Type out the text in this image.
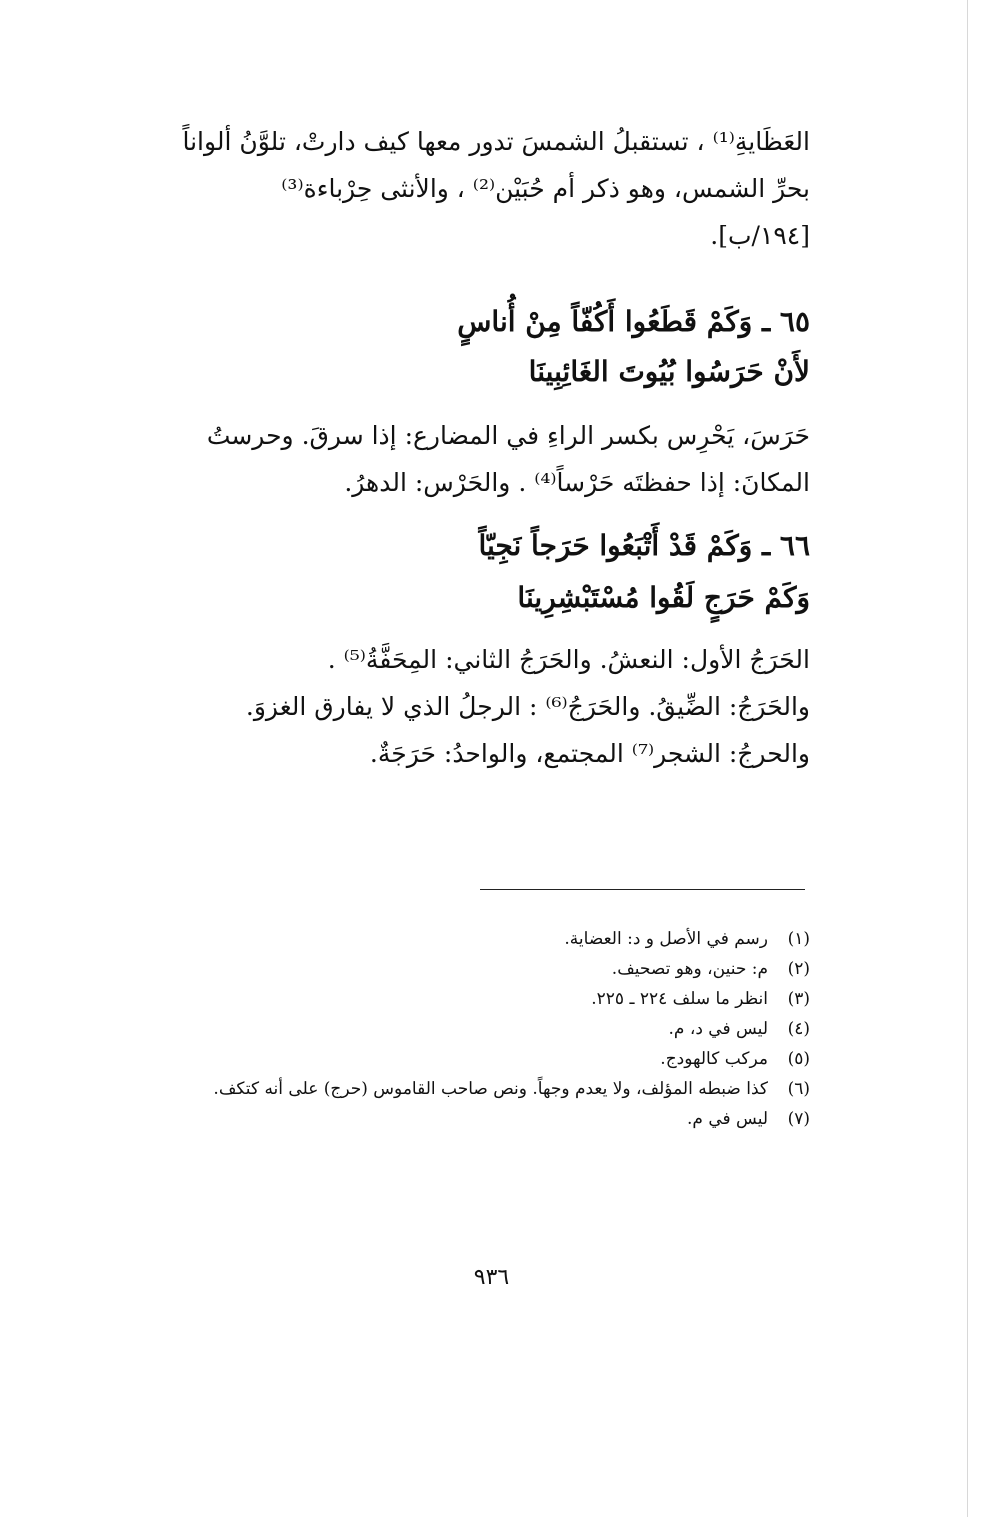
العَظَايةِ⁽¹⁾ ، تستقبلُ الشمسَ تدور معها كيف دارتْ، تلوَّنُ ألواناً
بحرِّ الشمس، وهو ذكر أم حُبَيْن⁽²⁾ ، والأنثى حِرْباءة⁽³⁾
[١٩٤/ب].
٦٥ ـ وَكَمْ قَطَعُوا أَكُفّاً مِنْ أُناسٍ
لأَنْ حَرَسُوا بُيُوتَ الغَائِبِينَا
حَرَسَ، يَحْرِس بكسر الراءِ في المضارع: إذا سرقَ. وحرستُ
المكانَ: إذا حفظتَه حَرْساً⁽⁴⁾ . والحَرْس: الدهرُ.
٦٦ ـ وَكَمْ قَدْ أَتْبَعُوا حَرَجاً نَجِيّاً
وَكَمْ حَرَجٍ لَقُوا مُسْتَبْشِرِينَا
الحَرَجُ الأول: النعشُ. والحَرَجُ الثاني: المِحَفَّةُ⁽⁵⁾ .
والحَرَجُ: الضِّيقُ. والحَرَجُ⁽⁶⁾ : الرجلُ الذي لا يفارق الغزوَ.
والحرجُ: الشجر⁽⁷⁾ المجتمع، والواحدُ: حَرَجَةٌ.
(١)
رسم في الأصل و د: العضاية.
(٢)
م: حنين، وهو تصحيف.
(٣)
انظر ما سلف ٢٢٤ ـ ٢٢٥.
(٤)
ليس في د، م.
(٥)
مركب كالهودج.
(٦)
كذا ضبطه المؤلف، ولا يعدم وجهاً. ونص صاحب القاموس (حرج) على أنه كتكف.
(٧)
ليس في م.
٩٣٦
